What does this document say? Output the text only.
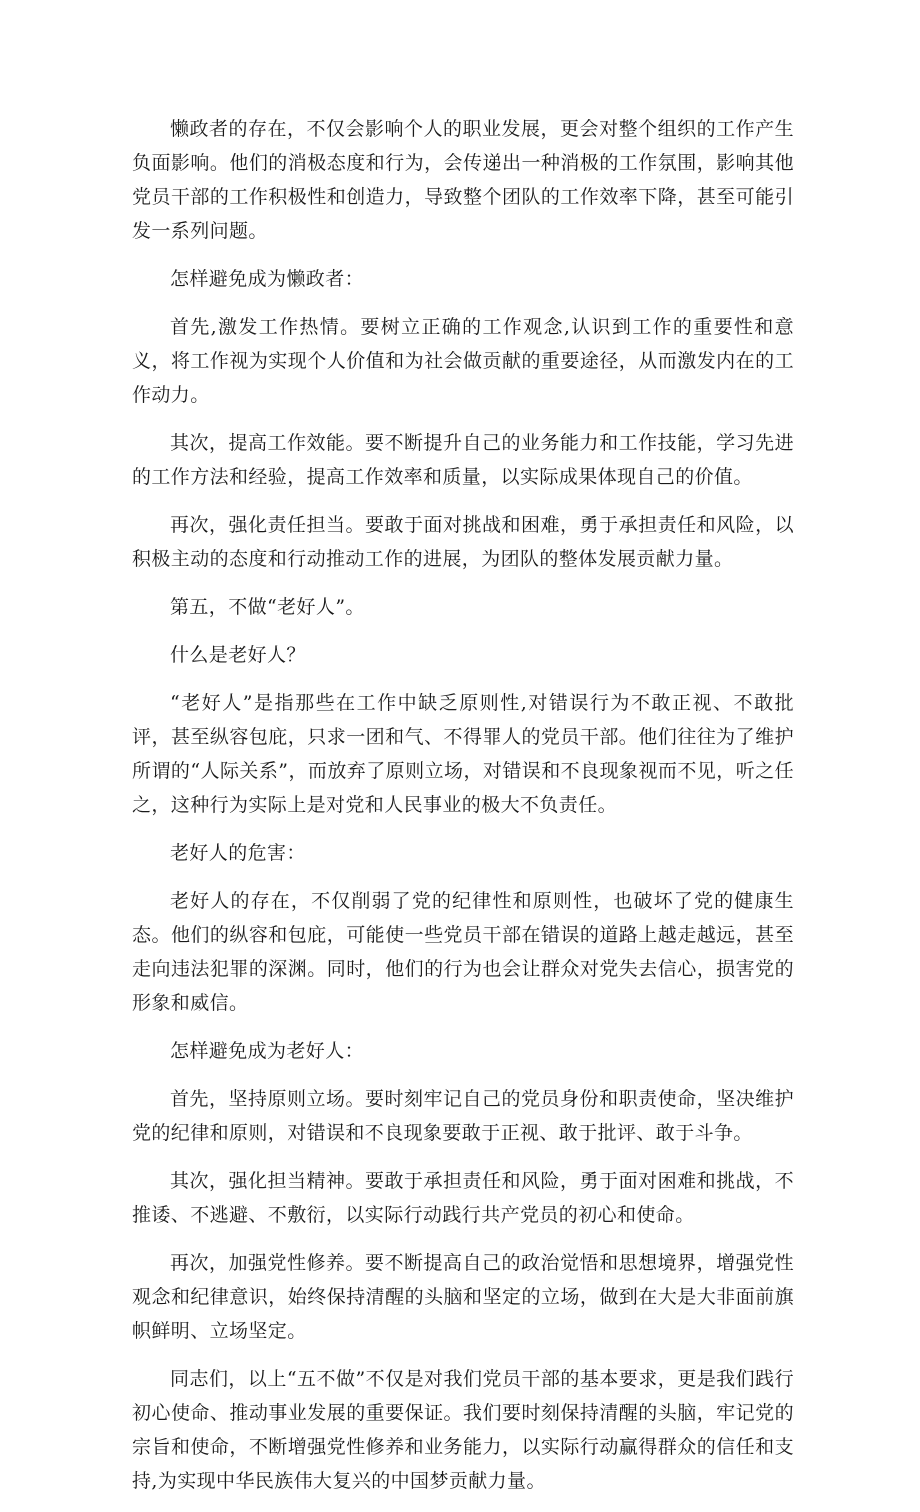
懒政者的存在，不仅会影响个人的职业发展，更会对整个组织的工作产生负面影响。他们的消极态度和行为，会传递出一种消极的工作氛围，影响其他党员干部的工作积极性和创造力，导致整个团队的工作效率下降，甚至可能引发一系列问题。

怎样避免成为懒政者：

首先,激发工作热情。要树立正确的工作观念,认识到工作的重要性和意义，将工作视为实现个人价值和为社会做贡献的重要途径，从而激发内在的工作动力。

其次，提高工作效能。要不断提升自己的业务能力和工作技能，学习先进的工作方法和经验，提高工作效率和质量，以实际成果体现自己的价值。

再次，强化责任担当。要敢于面对挑战和困难，勇于承担责任和风险，以积极主动的态度和行动推动工作的进展，为团队的整体发展贡献力量。

第五，不做“老好人”。

什么是老好人？

“老好人”是指那些在工作中缺乏原则性,对错误行为不敢正视、不敢批评，甚至纵容包庇，只求一团和气、不得罪人的党员干部。他们往往为了维护所谓的“人际关系”，而放弃了原则立场，对错误和不良现象视而不见，听之任之，这种行为实际上是对党和人民事业的极大不负责任。

老好人的危害：

老好人的存在，不仅削弱了党的纪律性和原则性，也破坏了党的健康生态。他们的纵容和包庇，可能使一些党员干部在错误的道路上越走越远，甚至走向违法犯罪的深渊。同时，他们的行为也会让群众对党失去信心，损害党的形象和威信。

怎样避免成为老好人：

首先，坚持原则立场。要时刻牢记自己的党员身份和职责使命，坚决维护党的纪律和原则，对错误和不良现象要敢于正视、敢于批评、敢于斗争。

其次，强化担当精神。要敢于承担责任和风险，勇于面对困难和挑战，不推诿、不逃避、不敷衍，以实际行动践行共产党员的初心和使命。

再次，加强党性修养。要不断提高自己的政治觉悟和思想境界，增强党性观念和纪律意识，始终保持清醒的头脑和坚定的立场，做到在大是大非面前旗帜鲜明、立场坚定。

同志们，以上“五不做”不仅是对我们党员干部的基本要求，更是我们践行初心使命、推动事业发展的重要保证。我们要时刻保持清醒的头脑，牢记党的宗旨和使命，不断增强党性修养和业务能力，以实际行动赢得群众的信任和支持,为实现中华民族伟大复兴的中国梦贡献力量。
